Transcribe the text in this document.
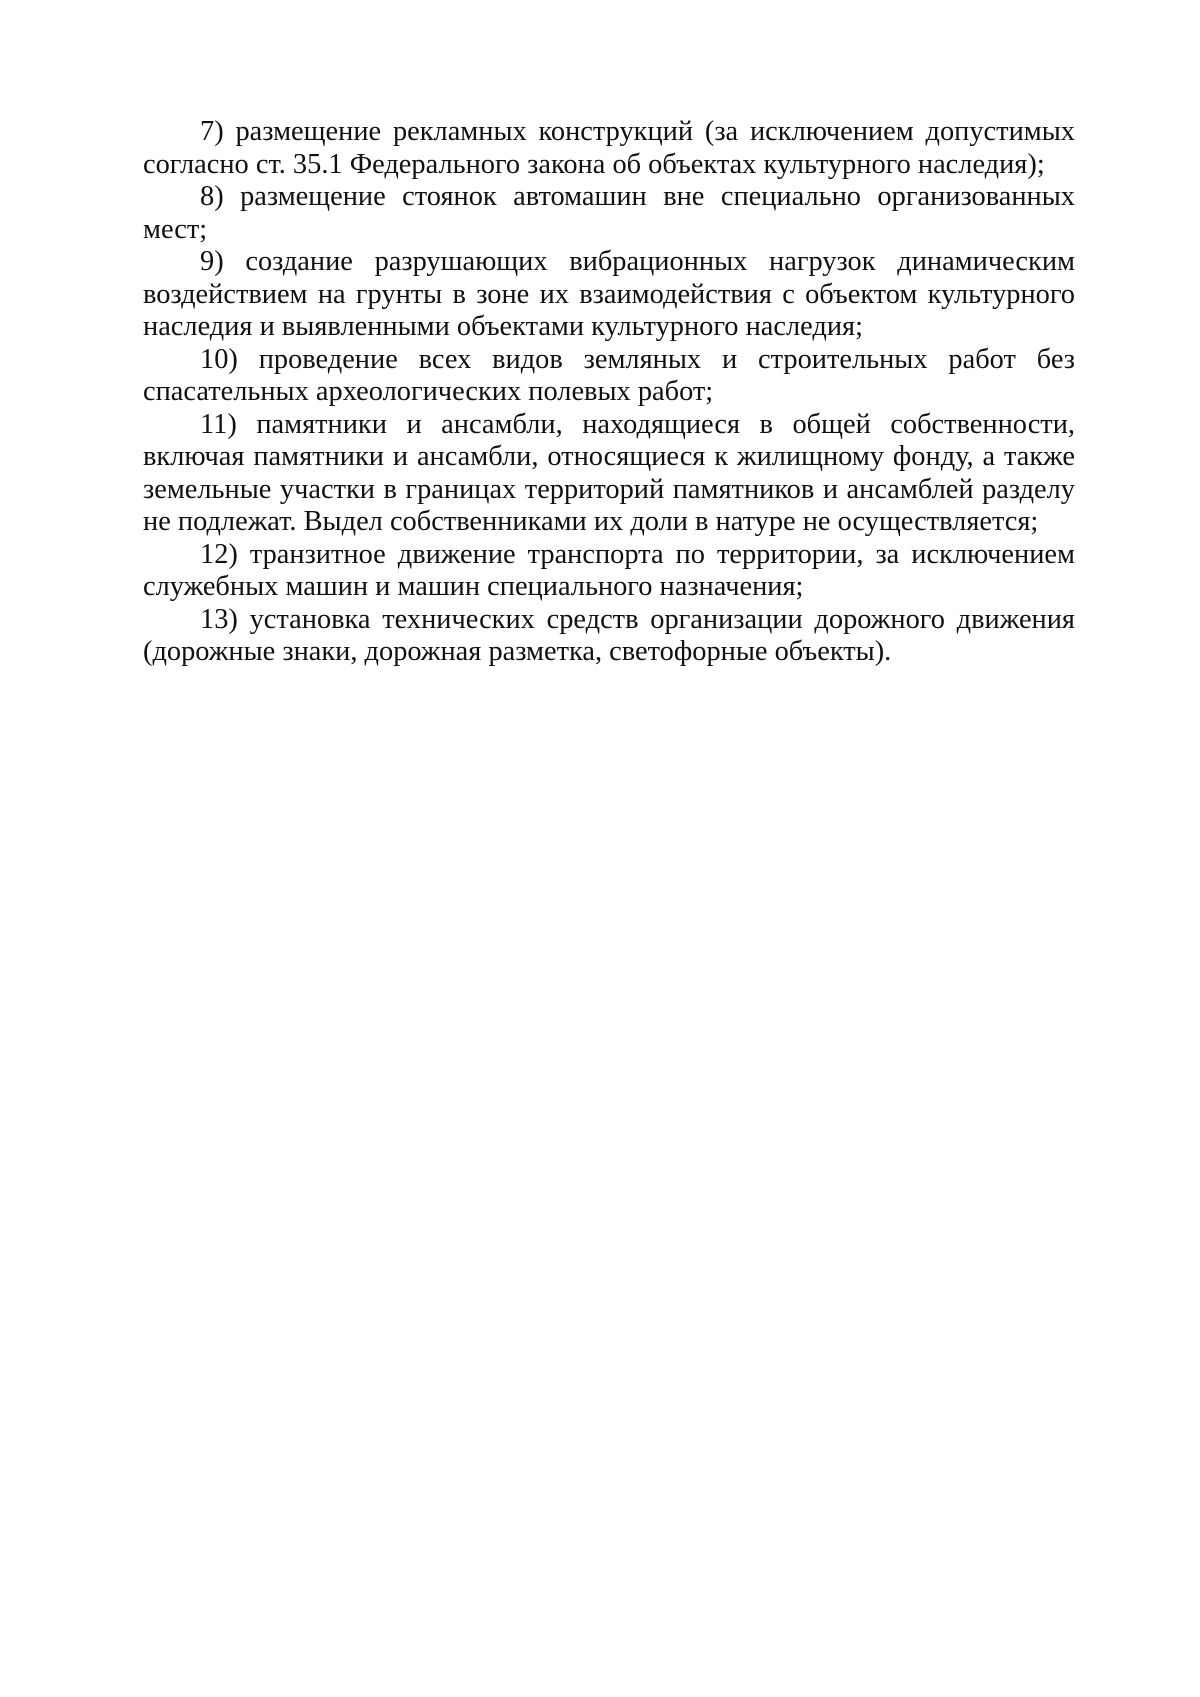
7) размещение рекламных конструкций (за исключением допустимых согласно ст. 35.1 Федерального закона об объектах культурного наследия);

8) размещение стоянок автомашин вне специально организованных мест;

9) создание разрушающих вибрационных нагрузок динамическим воздействием на грунты в зоне их взаимодействия с объектом культурного наследия и выявленными объектами культурного наследия;

10) проведение всех видов земляных и строительных работ без спасательных археологических полевых работ;

11) памятники и ансамбли, находящиеся в общей собственности, включая памятники и ансамбли, относящиеся к жилищному фонду, а также земельные участки в границах территорий памятников и ансамблей разделу не подлежат. Выдел собственниками их доли в натуре не осуществляется;

12) транзитное движение транспорта по территории, за исключением служебных машин и машин специального назначения;

13) установка технических средств организации дорожного движения (дорожные знаки, дорожная разметка, светофорные объекты).
